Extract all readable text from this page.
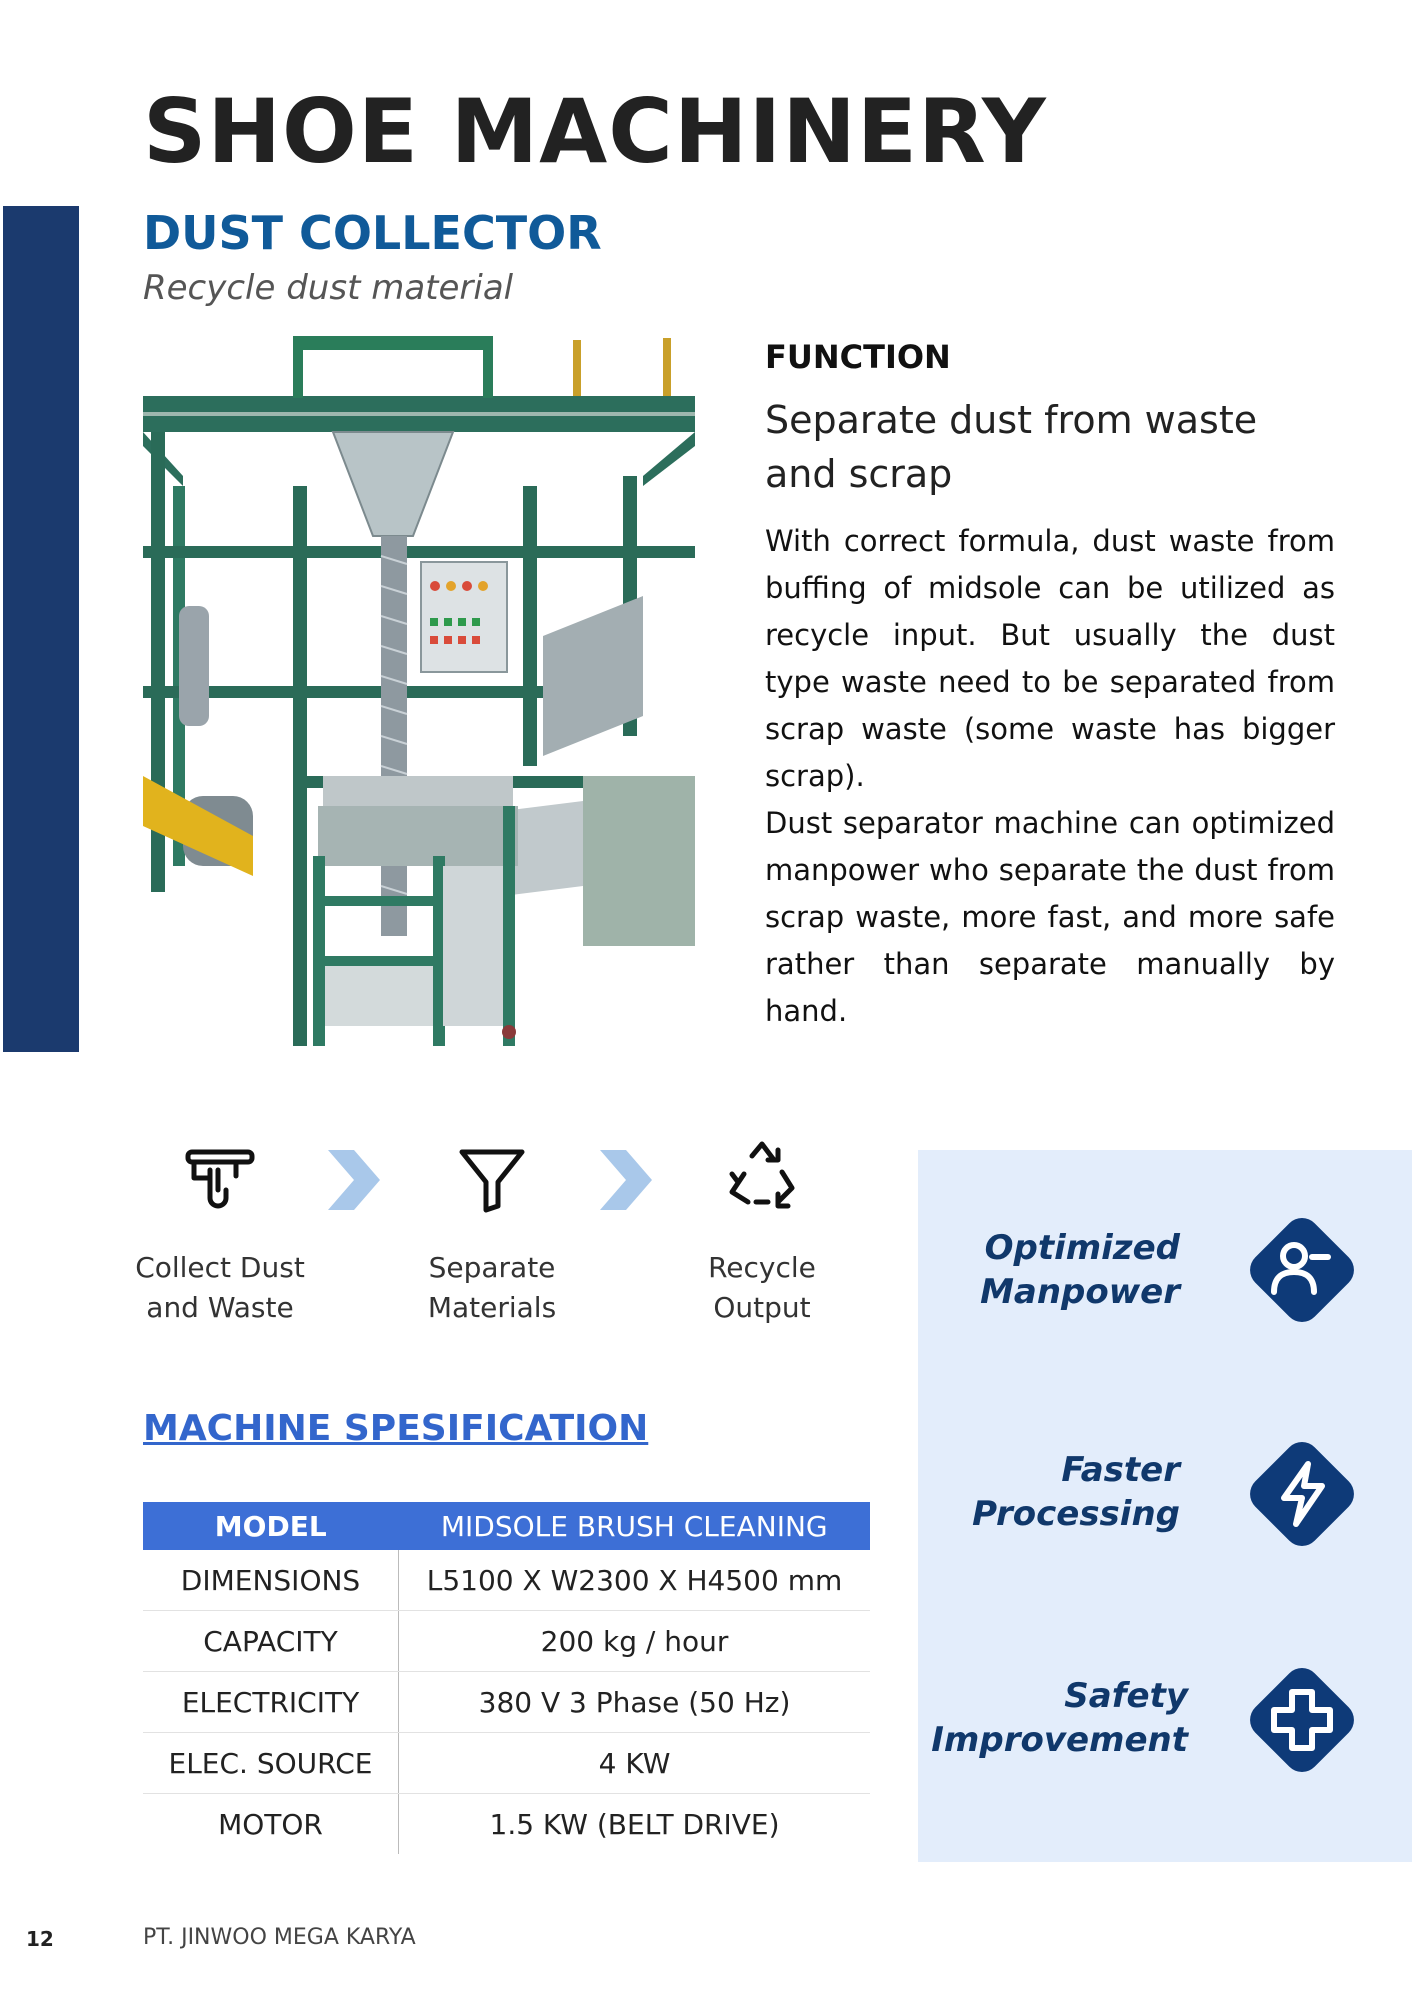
SHOE MACHINERY
DUST COLLECTOR
Recycle dust material
FUNCTION
Separate dust from waste and scrap

With correct formula, dust waste from buffing of midsole can be utilized as recycle input. But usually the dust type waste need to be separated from scrap waste (some waste has bigger scrap).

Dust separator machine can optimized manpower who separate the dust from scrap waste, more fast, and more safe rather than separate manually by hand.

Collect Dust and Waste
Separate Materials
Recycle Output
MACHINE SPESIFICATION
MODEL	MIDSOLE BRUSH CLEANING
DIMENSIONS	L5100 X W2300 X H4500 mm
CAPACITY	200 kg / hour
ELECTRICITY	380 V 3 Phase (50 Hz)
ELEC. SOURCE	4 KW
MOTOR	1.5 KW (BELT DRIVE)
Optimized Manpower
Faster Processing
Safety Improvement
12	PT. JINWOO MEGA KARYA
